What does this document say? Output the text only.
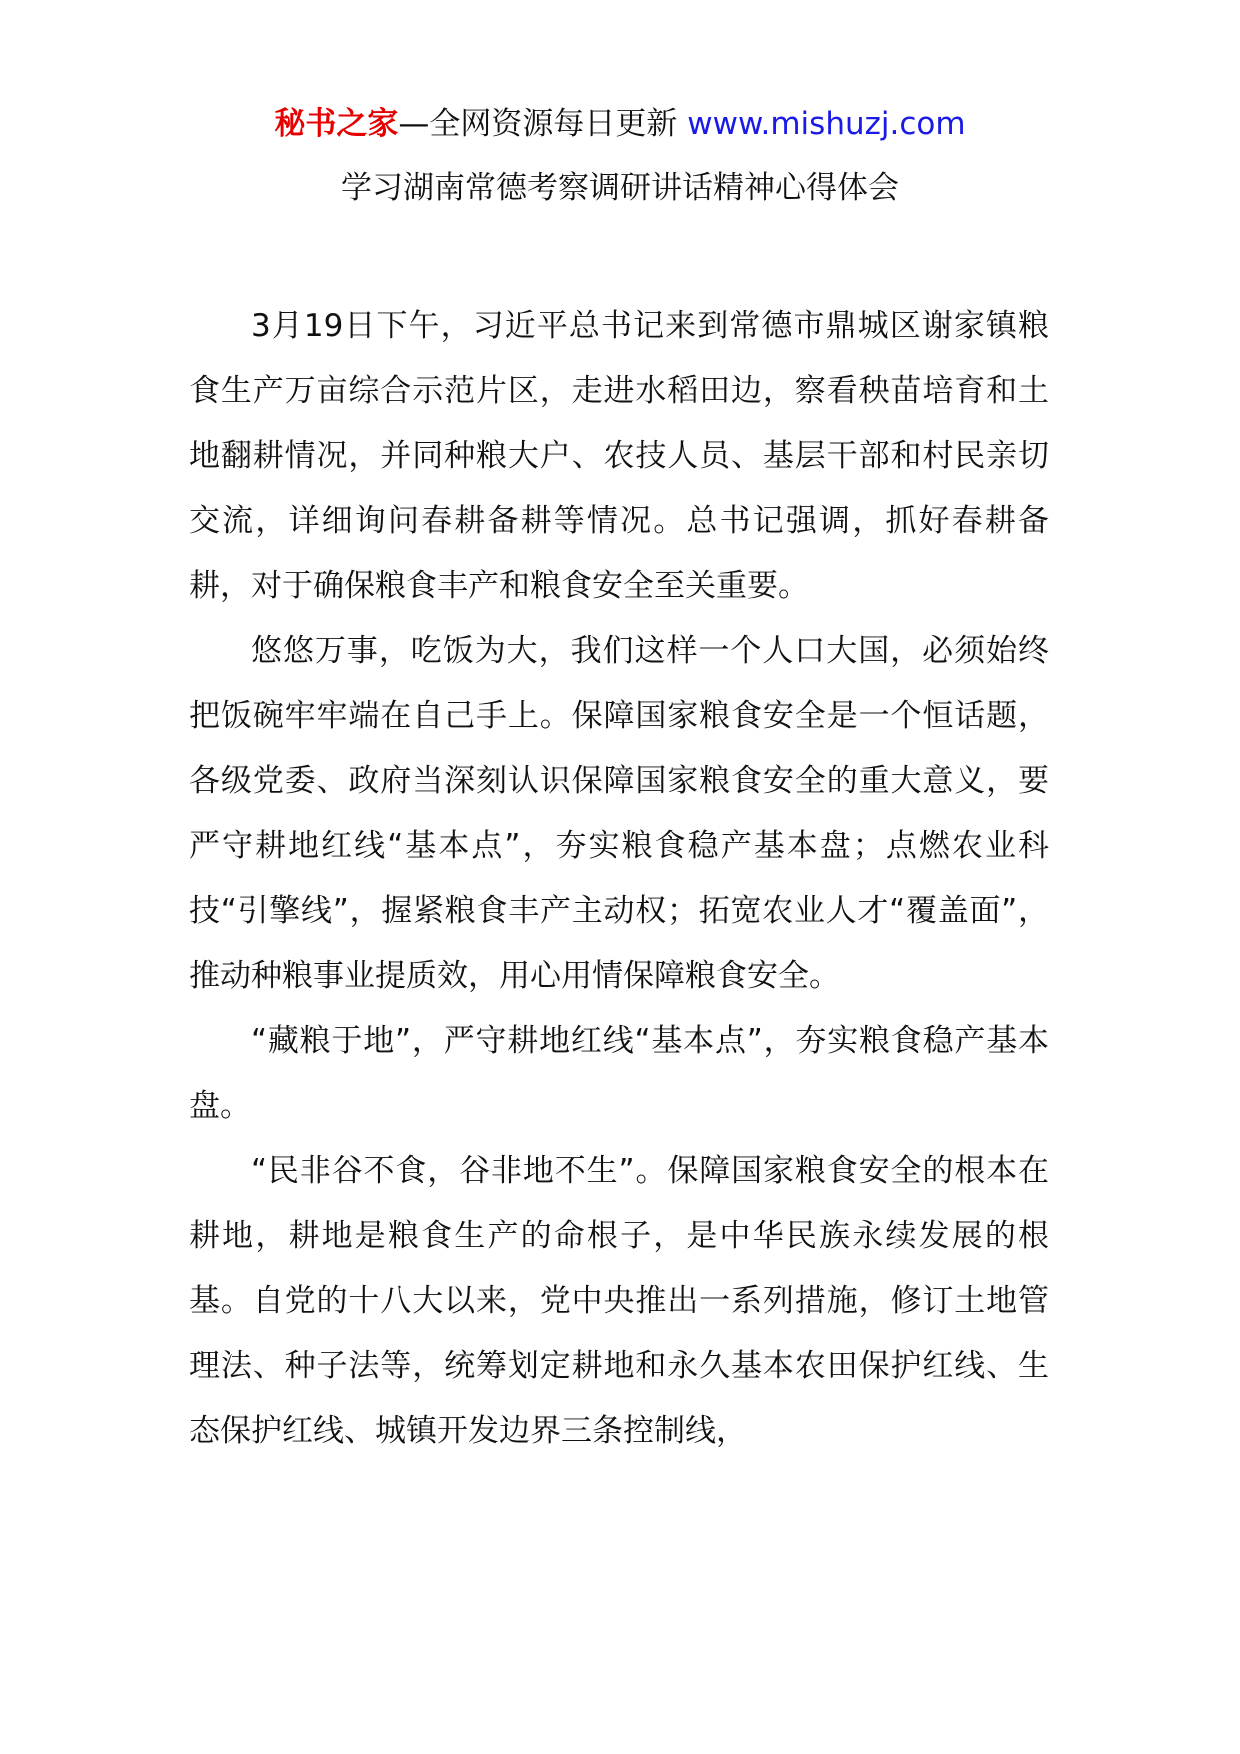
秘书之家—全网资源每日更新 www.mishuzj.com
学习湖南常德考察调研讲话精神心得体会

3月19日下午，习近平总书记来到常德市鼎城区谢家镇粮食生产万亩综合示范片区，走进水稻田边，察看秧苗培育和土地翻耕情况，并同种粮大户、农技人员、基层干部和村民亲切交流，详细询问春耕备耕等情况。总书记强调，抓好春耕备耕，对于确保粮食丰产和粮食安全至关重要。

悠悠万事，吃饭为大，我们这样一个人口大国，必须始终把饭碗牢牢端在自己手上。保障国家粮食安全是一个恒话题，各级党委、政府当深刻认识保障国家粮食安全的重大意义，要严守耕地红线“基本点”，夯实粮食稳产基本盘；点燃农业科技“引擎线”，握紧粮食丰产主动权；拓宽农业人才“覆盖面”，推动种粮事业提质效，用心用情保障粮食安全。

“藏粮于地”，严守耕地红线“基本点”，夯实粮食稳产基本盘。

“民非谷不食，谷非地不生”。保障国家粮食安全的根本在耕地，耕地是粮食生产的命根子，是中华民族永续发展的根基。自党的十八大以来，党中央推出一系列措施，修订土地管理法、种子法等，统筹划定耕地和永久基本农田保护红线、生态保护红线、城镇开发边界三条控制线，
